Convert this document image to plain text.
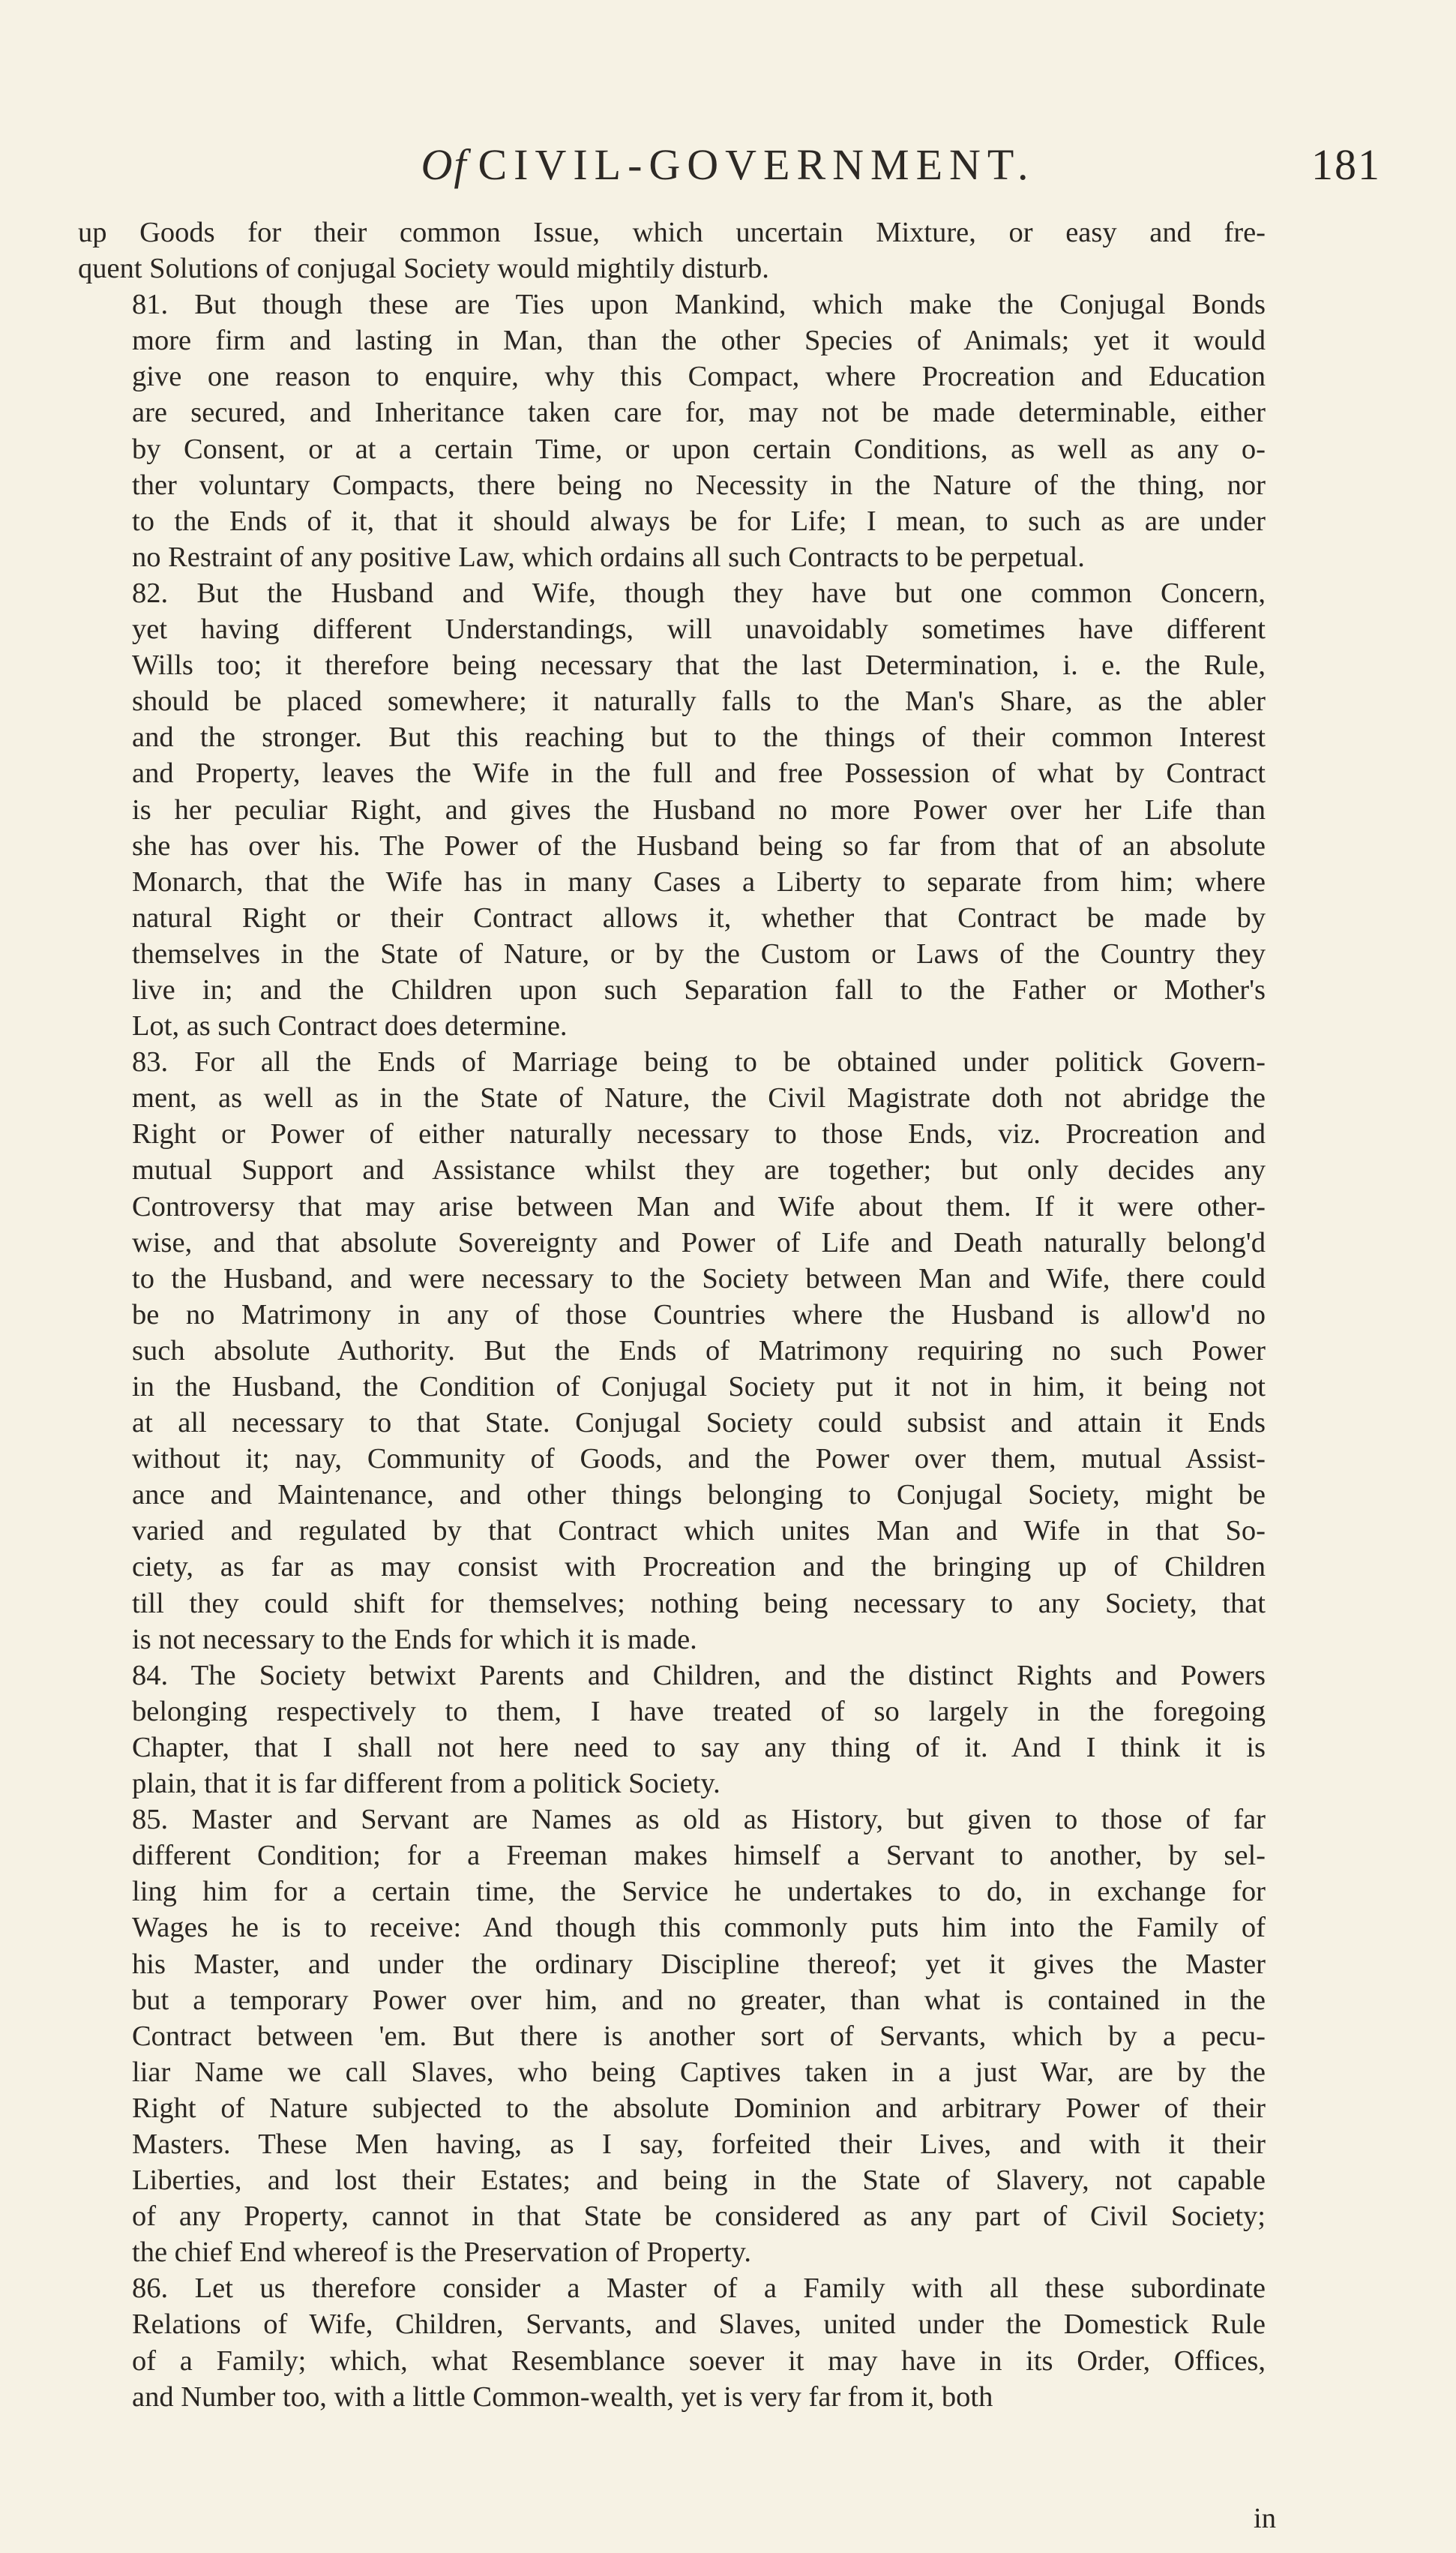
Of CIVIL-GOVERNMENT.	181

up Goods for their common Issue, which uncertain Mixture, or easy and fre-
quent Solutions of conjugal Society would mightily disturb.

81. But though these are Ties upon Mankind, which make the Conjugal Bonds
more firm and lasting in Man, than the other Species of Animals; yet it would
give one reason to enquire, why this Compact, where Procreation and Education
are secured, and Inheritance taken care for, may not be made determinable, either
by Consent, or at a certain Time, or upon certain Conditions, as well as any o-
ther voluntary Compacts, there being no Necessity in the Nature of the thing, nor
to the Ends of it, that it should always be for Life; I mean, to such as are under
no Restraint of any positive Law, which ordains all such Contracts to be perpetual.

82. But the Husband and Wife, though they have but one common Concern,
yet having different Understandings, will unavoidably sometimes have different
Wills too; it therefore being necessary that the last Determination, i. e. the Rule,
should be placed somewhere; it naturally falls to the Man's Share, as the abler
and the stronger. But this reaching but to the things of their common Interest
and Property, leaves the Wife in the full and free Possession of what by Contract
is her peculiar Right, and gives the Husband no more Power over her Life than
she has over his. The Power of the Husband being so far from that of an absolute
Monarch, that the Wife has in many Cases a Liberty to separate from him; where
natural Right or their Contract allows it, whether that Contract be made by
themselves in the State of Nature, or by the Custom or Laws of the Country they
live in; and the Children upon such Separation fall to the Father or Mother's
Lot, as such Contract does determine.

83. For all the Ends of Marriage being to be obtained under politick Govern-
ment, as well as in the State of Nature, the Civil Magistrate doth not abridge the
Right or Power of either naturally necessary to those Ends, viz. Procreation and
mutual Support and Assistance whilst they are together; but only decides any
Controversy that may arise between Man and Wife about them. If it were other-
wise, and that absolute Sovereignty and Power of Life and Death naturally belong'd
to the Husband, and were necessary to the Society between Man and Wife, there could
be no Matrimony in any of those Countries where the Husband is allow'd no
such absolute Authority. But the Ends of Matrimony requiring no such Power
in the Husband, the Condition of Conjugal Society put it not in him, it being not
at all necessary to that State. Conjugal Society could subsist and attain it Ends
without it; nay, Community of Goods, and the Power over them, mutual Assist-
ance and Maintenance, and other things belonging to Conjugal Society, might be
varied and regulated by that Contract which unites Man and Wife in that So-
ciety, as far as may consist with Procreation and the bringing up of Children
till they could shift for themselves; nothing being necessary to any Society, that
is not necessary to the Ends for which it is made.

84. The Society betwixt Parents and Children, and the distinct Rights and Powers
belonging respectively to them, I have treated of so largely in the foregoing
Chapter, that I shall not here need to say any thing of it. And I think it is
plain, that it is far different from a politick Society.

85. Master and Servant are Names as old as History, but given to those of far
different Condition; for a Freeman makes himself a Servant to another, by sel-
ling him for a certain time, the Service he undertakes to do, in exchange for
Wages he is to receive: And though this commonly puts him into the Family of
his Master, and under the ordinary Discipline thereof; yet it gives the Master
but a temporary Power over him, and no greater, than what is contained in the
Contract between 'em. But there is another sort of Servants, which by a pecu-
liar Name we call Slaves, who being Captives taken in a just War, are by the
Right of Nature subjected to the absolute Dominion and arbitrary Power of their
Masters. These Men having, as I say, forfeited their Lives, and with it their
Liberties, and lost their Estates; and being in the State of Slavery, not capable
of any Property, cannot in that State be considered as any part of Civil Society;
the chief End whereof is the Preservation of Property.

86. Let us therefore consider a Master of a Family with all these subordinate
Relations of Wife, Children, Servants, and Slaves, united under the Domestick Rule
of a Family; which, what Resemblance soever it may have in its Order, Offices,
and Number too, with a little Common-wealth, yet is very far from it, both

in
